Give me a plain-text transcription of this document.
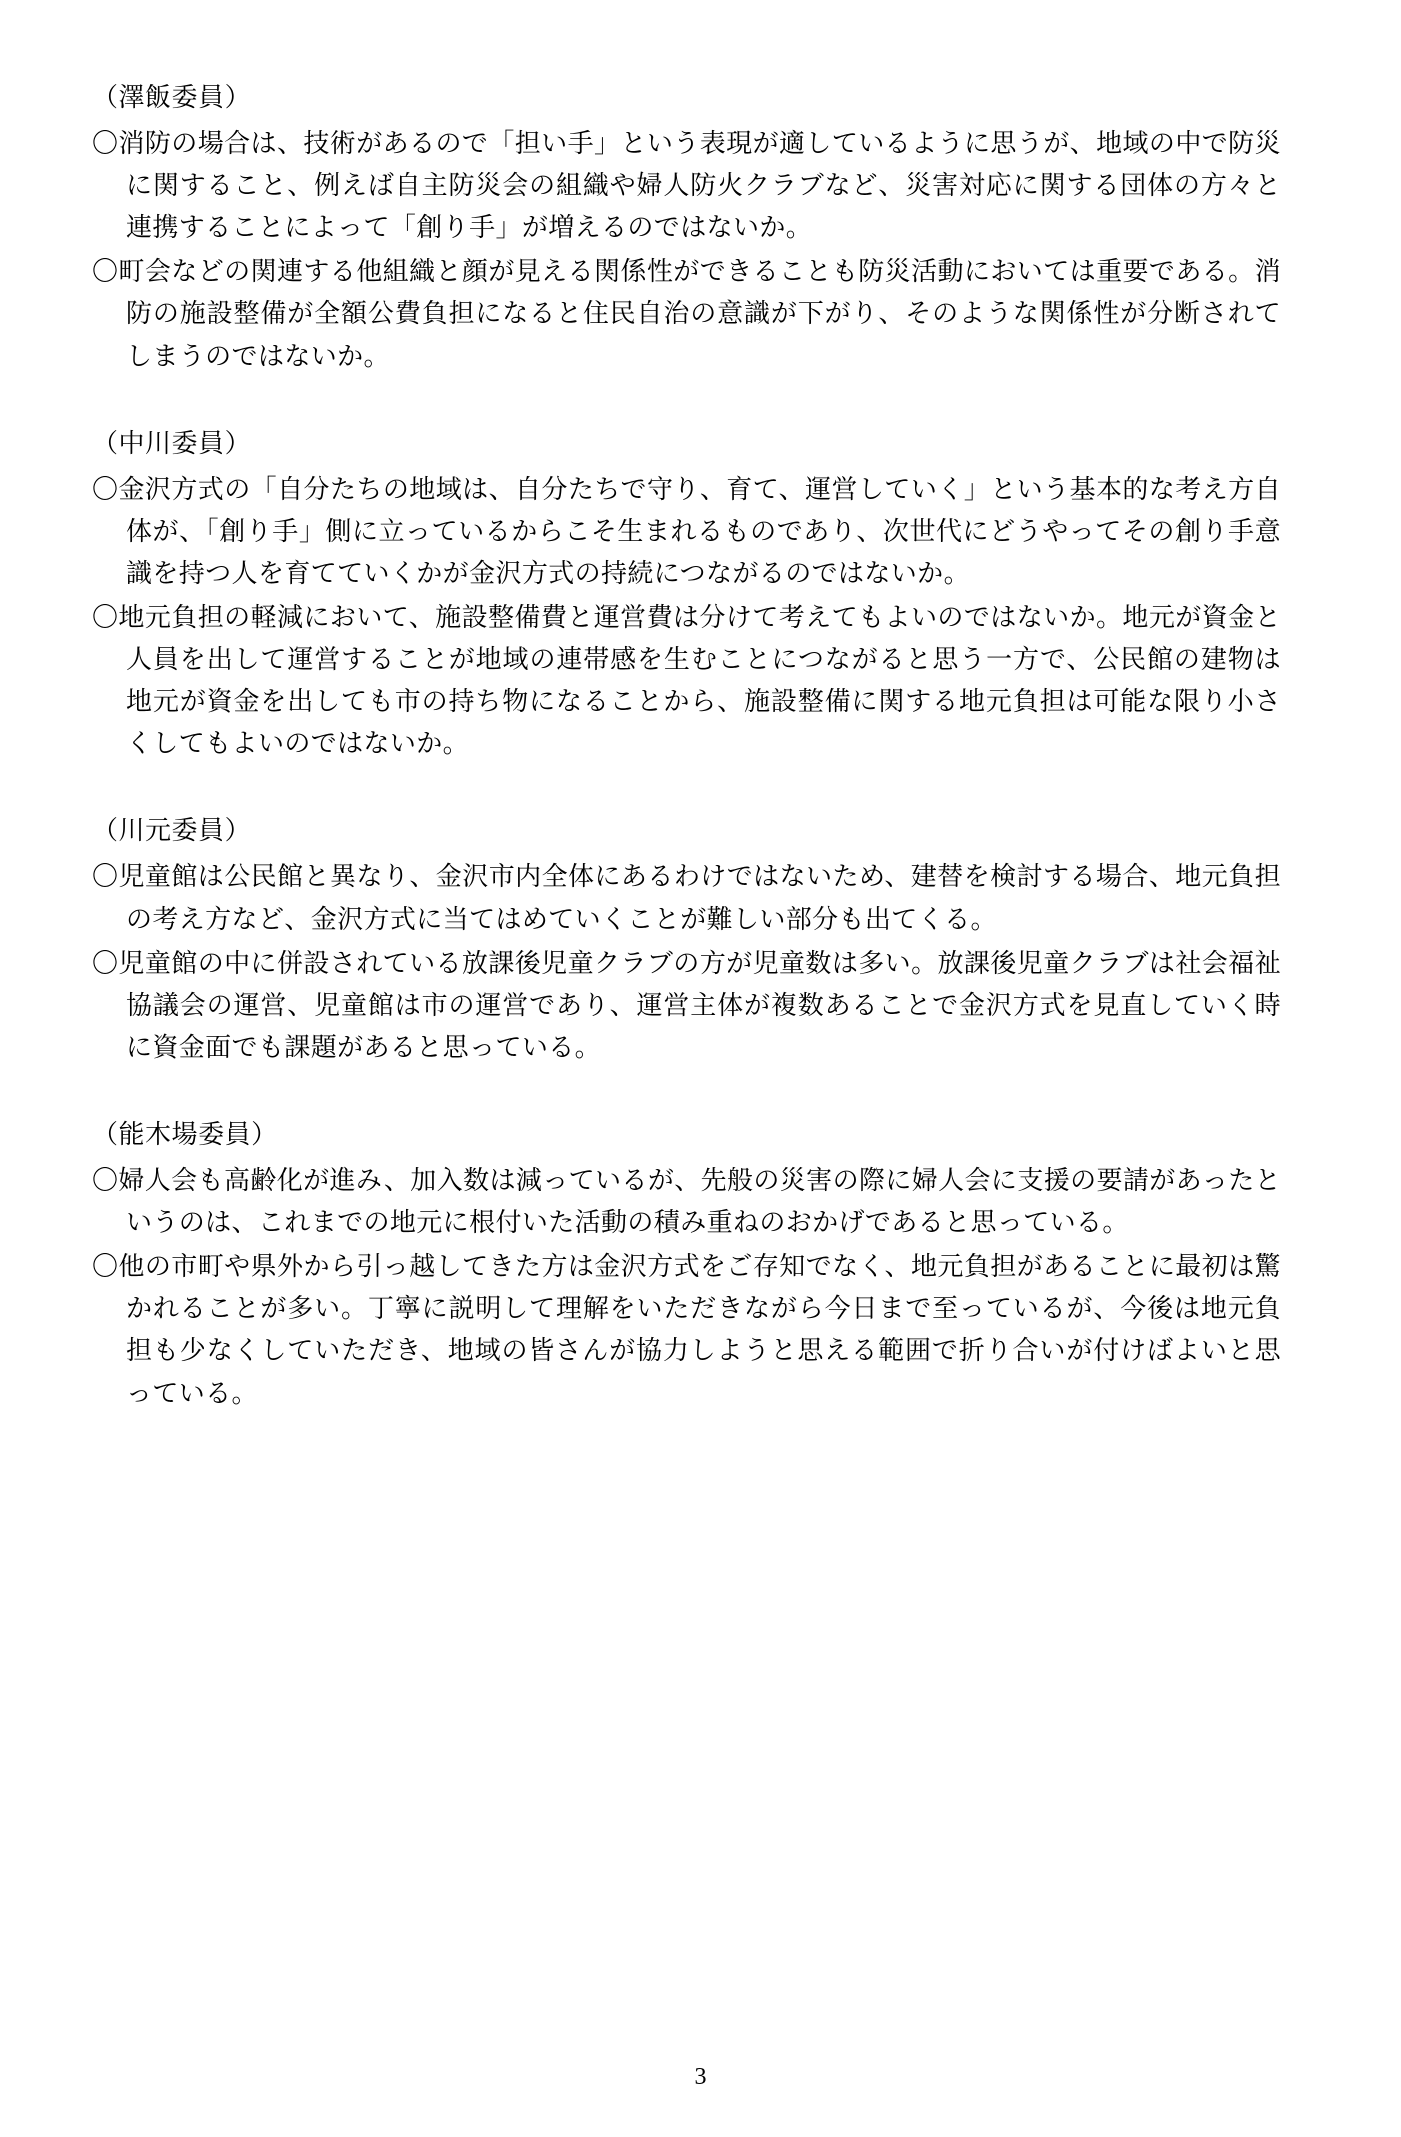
（澤飯委員）

〇消防の場合は、技術があるので「担い手」という表現が適しているように思うが、地域の中で防災に関すること、例えば自主防災会の組織や婦人防火クラブなど、災害対応に関する団体の方々と連携することによって「創り手」が増えるのではないか。

〇町会などの関連する他組織と顔が見える関係性ができることも防災活動においては重要である。消防の施設整備が全額公費負担になると住民自治の意識が下がり、そのような関係性が分断されてしまうのではないか。

（中川委員）

〇金沢方式の「自分たちの地域は、自分たちで守り、育て、運営していく」という基本的な考え方自体が、「創り手」側に立っているからこそ生まれるものであり、次世代にどうやってその創り手意識を持つ人を育てていくかが金沢方式の持続につながるのではないか。

〇地元負担の軽減において、施設整備費と運営費は分けて考えてもよいのではないか。地元が資金と人員を出して運営することが地域の連帯感を生むことにつながると思う一方で、公民館の建物は地元が資金を出しても市の持ち物になることから、施設整備に関する地元負担は可能な限り小さくしてもよいのではないか。

（川元委員）

〇児童館は公民館と異なり、金沢市内全体にあるわけではないため、建替を検討する場合、地元負担の考え方など、金沢方式に当てはめていくことが難しい部分も出てくる。

〇児童館の中に併設されている放課後児童クラブの方が児童数は多い。放課後児童クラブは社会福祉協議会の運営、児童館は市の運営であり、運営主体が複数あることで金沢方式を見直していく時に資金面でも課題があると思っている。

（能木場委員）

〇婦人会も高齢化が進み、加入数は減っているが、先般の災害の際に婦人会に支援の要請があったというのは、これまでの地元に根付いた活動の積み重ねのおかげであると思っている。

〇他の市町や県外から引っ越してきた方は金沢方式をご存知でなく、地元負担があることに最初は驚かれることが多い。丁寧に説明して理解をいただきながら今日まで至っているが、今後は地元負担も少なくしていただき、地域の皆さんが協力しようと思える範囲で折り合いが付けばよいと思っている。

3
